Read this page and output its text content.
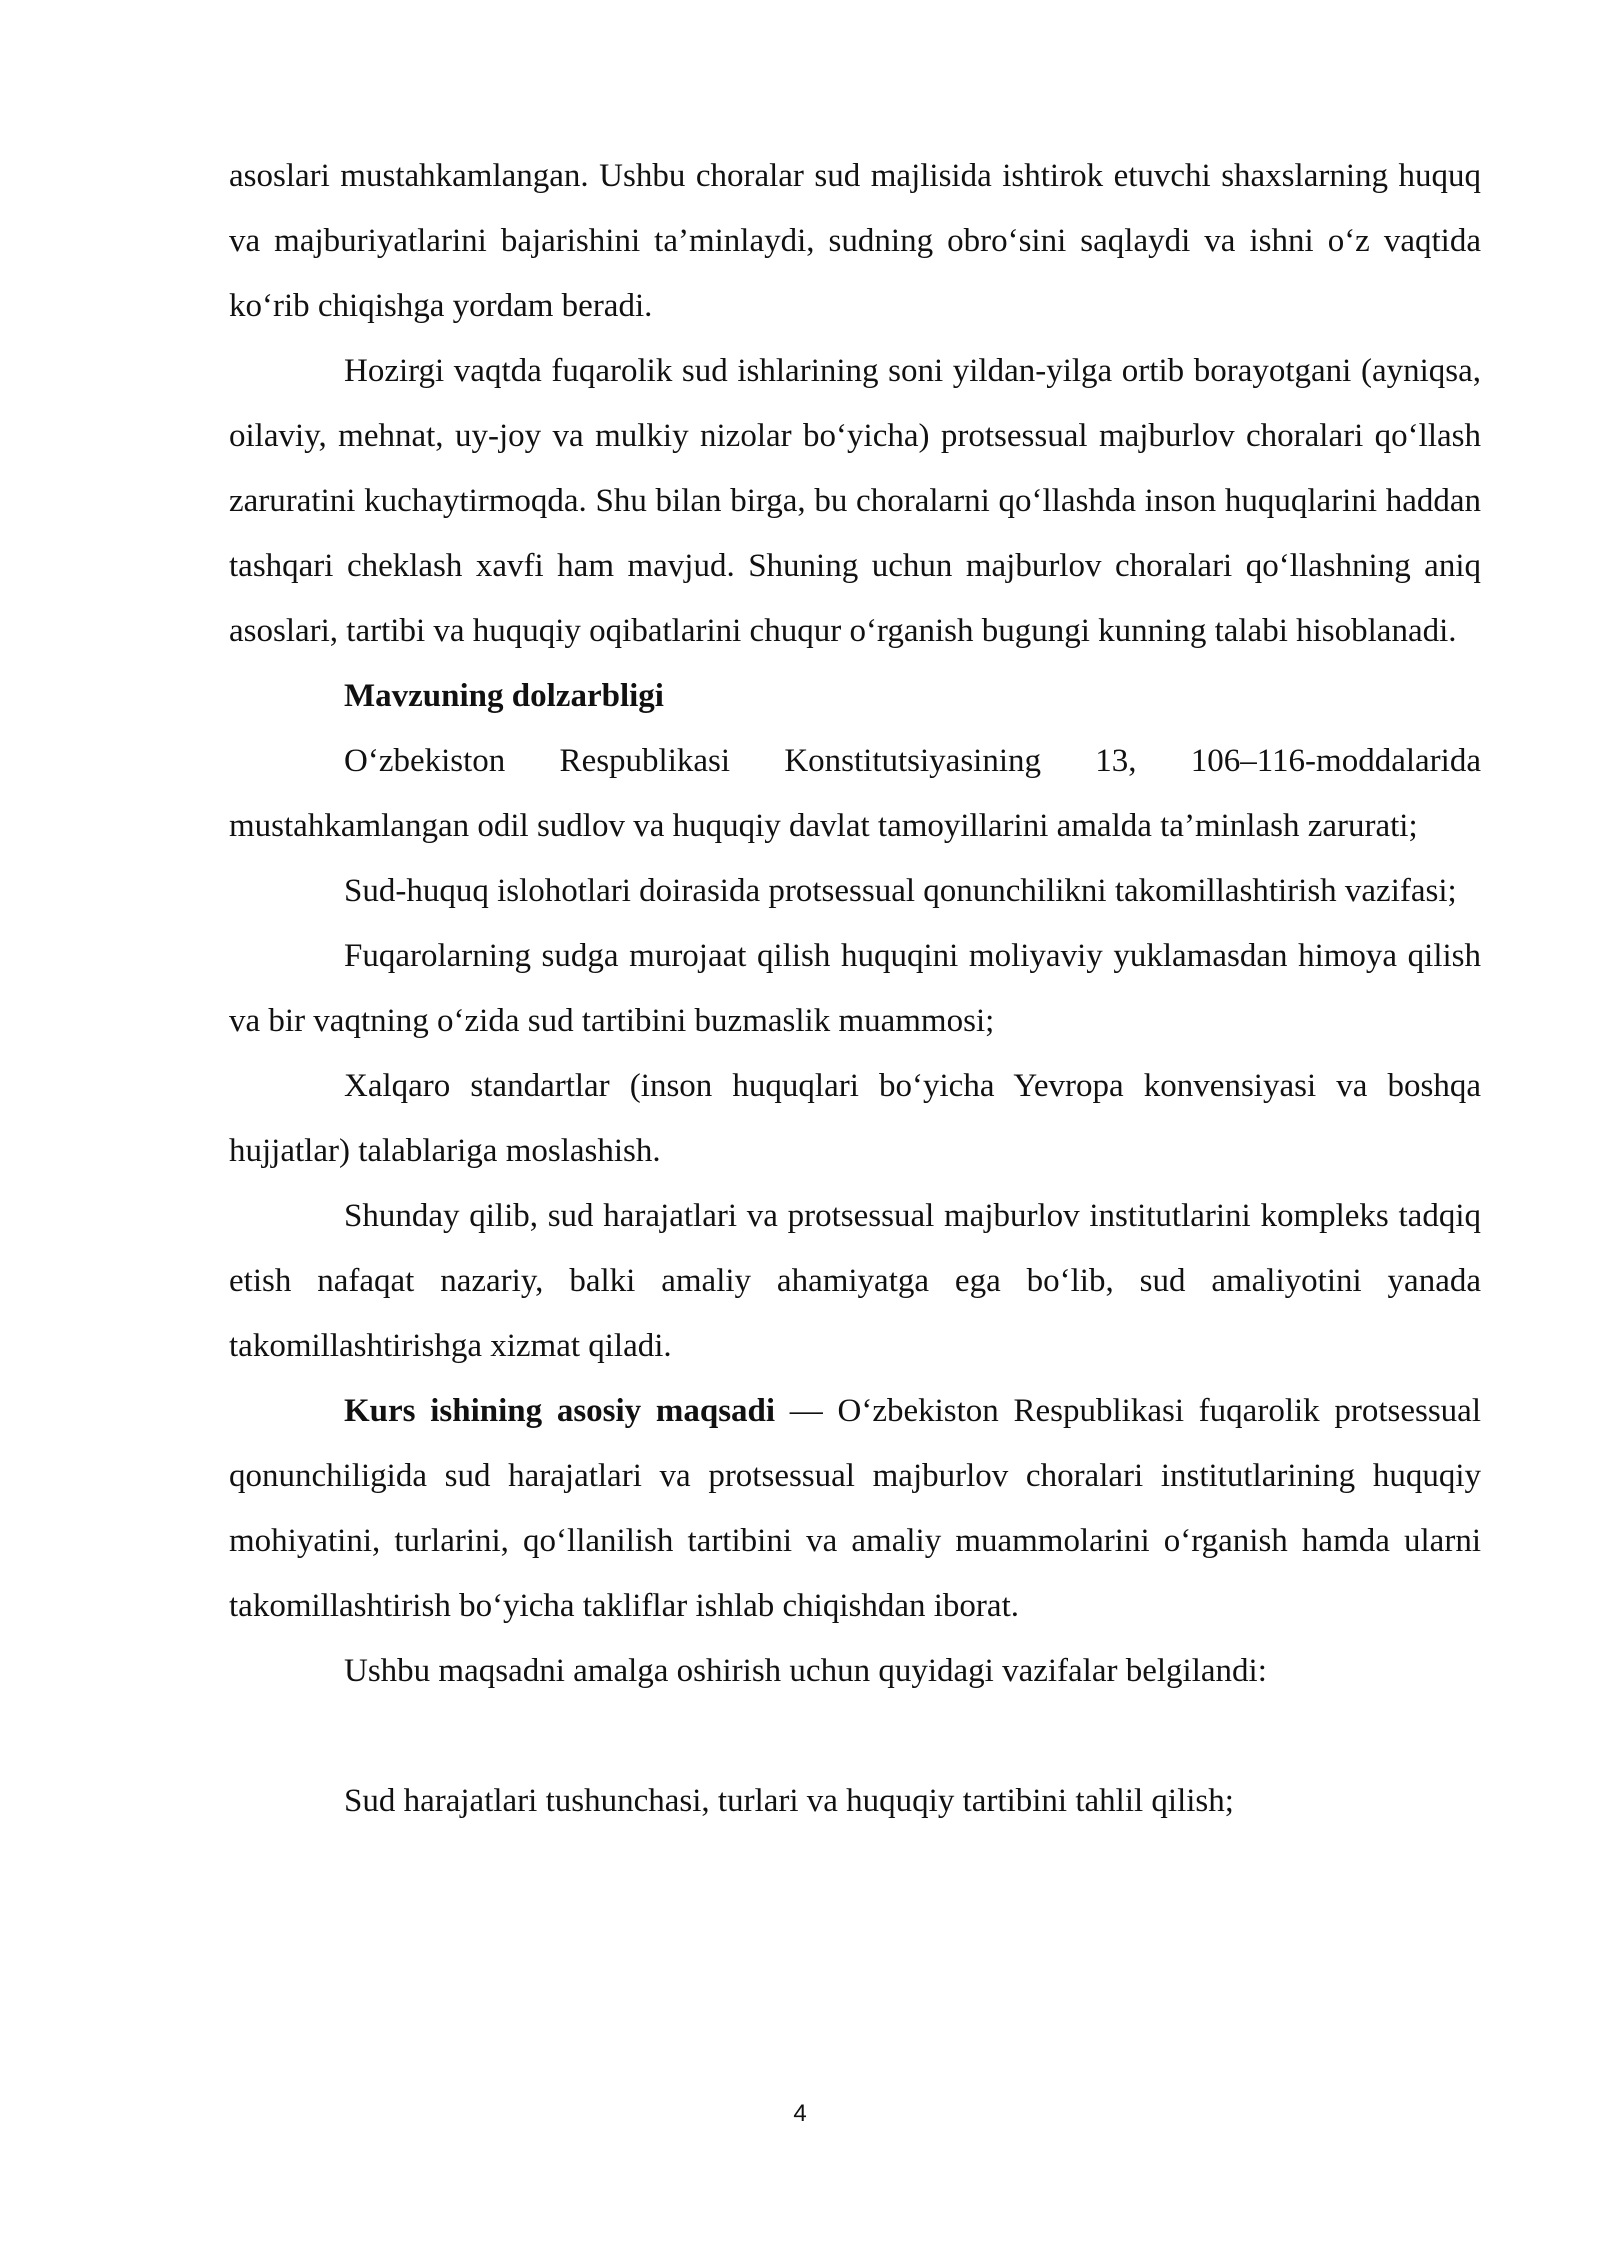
asoslari mustahkamlangan. Ushbu choralar sud majlisida ishtirok etuvchi shaxslarning huquq va majburiyatlarini bajarishini ta’minlaydi, sudning obro‘sini saqlaydi va ishni o‘z vaqtida ko‘rib chiqishga yordam beradi.

Hozirgi vaqtda fuqarolik sud ishlarining soni yildan-yilga ortib borayotgani (ayniqsa, oilaviy, mehnat, uy-joy va mulkiy nizolar bo‘yicha) protsessual majburlov choralari qo‘llash zaruratini kuchaytirmoqda. Shu bilan birga, bu choralarni qo‘llashda inson huquqlarini haddan tashqari cheklash xavfi ham mavjud. Shuning uchun majburlov choralari qo‘llashning aniq asoslari, tartibi va huquqiy oqibatlarini chuqur o‘rganish bugungi kunning talabi hisoblanadi.

Mavzuning dolzarbligi

O‘zbekiston Respublikasi Konstitutsiyasining 13, 106–116-moddalarida mustahkamlangan odil sudlov va huquqiy davlat tamoyillarini amalda ta’minlash zarurati;

Sud-huquq islohotlari doirasida protsessual qonunchilikni takomillashtirish vazifasi;

Fuqarolarning sudga murojaat qilish huquqini moliyaviy yuklamasdan himoya qilish va bir vaqtning o‘zida sud tartibini buzmaslik muammosi;

Xalqaro standartlar (inson huquqlari bo‘yicha Yevropa konvensiyasi va boshqa hujjatlar) talablariga moslashish.

Shunday qilib, sud harajatlari va protsessual majburlov institutlarini kompleks tadqiq etish nafaqat nazariy, balki amaliy ahamiyatga ega bo‘lib, sud amaliyotini yanada takomillashtirishga xizmat qiladi.

Kurs ishining asosiy maqsadi — O‘zbekiston Respublikasi fuqarolik protsessual qonunchiligida sud harajatlari va protsessual majburlov choralari institutlarining huquqiy mohiyatini, turlarini, qo‘llanilish tartibini va amaliy muammolarini o‘rganish hamda ularni takomillashtirish bo‘yicha takliflar ishlab chiqishdan iborat.

Ushbu maqsadni amalga oshirish uchun quyidagi vazifalar belgilandi:

Sud harajatlari tushunchasi, turlari va huquqiy tartibini tahlil qilish;

4
